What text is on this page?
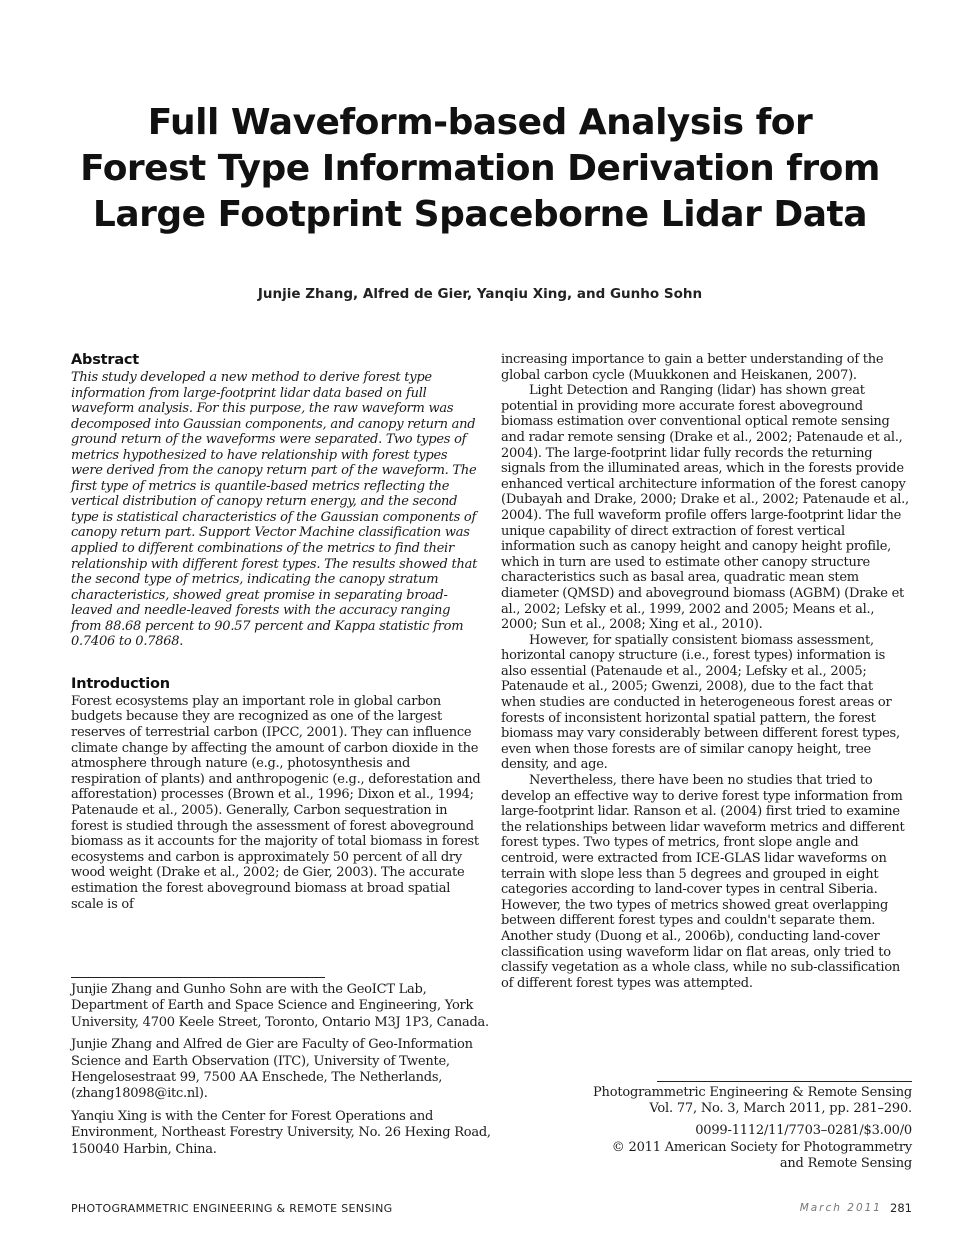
Full Waveform-based Analysis for
Forest Type Information Derivation from
Large Footprint Spaceborne Lidar Data
Junjie Zhang, Alfred de Gier, Yanqiu Xing, and Gunho Sohn
Abstract

This study developed a new method to derive forest type information from large-footprint lidar data based on full waveform analysis. For this purpose, the raw waveform was decomposed into Gaussian components, and canopy return and ground return of the waveforms were separated. Two types of metrics hypothesized to have relationship with forest types were derived from the canopy return part of the waveform. The first type of metrics is quantile-based metrics reflecting the vertical distribution of canopy return energy, and the second type is statistical characteristics of the Gaussian components of canopy return part. Support Vector Machine classification was applied to different combinations of the metrics to find their relationship with different forest types. The results showed that the second type of metrics, indicating the canopy stratum characteristics, showed great promise in separating broad-leaved and needle-leaved forests with the accuracy ranging from 88.68 percent to 90.57 percent and Kappa statistic from 0.7406 to 0.7868.

Introduction

Forest ecosystems play an important role in global carbon budgets because they are recognized as one of the largest reserves of terrestrial carbon (IPCC, 2001). They can influence climate change by affecting the amount of carbon dioxide in the atmosphere through nature (e.g., photosynthesis and respiration of plants) and anthropogenic (e.g., deforestation and afforestation) processes (Brown et al., 1996; Dixon et al., 1994; Patenaude et al., 2005). Generally, Carbon sequestration in forest is studied through the assessment of forest aboveground biomass as it accounts for the majority of total biomass in forest ecosystems and carbon is approximately 50 percent of all dry wood weight (Drake et al., 2002; de Gier, 2003). The accurate estimation the forest aboveground biomass at broad spatial scale is of

increasing importance to gain a better understanding of the global carbon cycle (Muukkonen and Heiskanen, 2007).

Light Detection and Ranging (lidar) has shown great potential in providing more accurate forest aboveground biomass estimation over conventional optical remote sensing and radar remote sensing (Drake et al., 2002; Patenaude et al., 2004). The large-footprint lidar fully records the returning signals from the illuminated areas, which in the forests provide enhanced vertical architecture information of the forest canopy (Dubayah and Drake, 2000; Drake et al., 2002; Patenaude et al., 2004). The full waveform profile offers large-footprint lidar the unique capability of direct extraction of forest vertical information such as canopy height and canopy height profile, which in turn are used to estimate other canopy structure characteristics such as basal area, quadratic mean stem diameter (QMSD) and aboveground biomass (AGBM) (Drake et al., 2002; Lefsky et al., 1999, 2002 and 2005; Means et al., 2000; Sun et al., 2008; Xing et al., 2010).

However, for spatially consistent biomass assessment, horizontal canopy structure (i.e., forest types) information is also essential (Patenaude et al., 2004; Lefsky et al., 2005; Patenaude et al., 2005; Gwenzi, 2008), due to the fact that when studies are conducted in heterogeneous forest areas or forests of inconsistent horizontal spatial pattern, the forest biomass may vary considerably between different forest types, even when those forests are of similar canopy height, tree density, and age.

Nevertheless, there have been no studies that tried to develop an effective way to derive forest type information from large-footprint lidar. Ranson et al. (2004) first tried to examine the relationships between lidar waveform metrics and different forest types. Two types of metrics, front slope angle and centroid, were extracted from ICE-GLAS lidar waveforms on terrain with slope less than 5 degrees and grouped in eight categories according to land-cover types in central Siberia. However, the two types of metrics showed great overlapping between different forest types and couldn't separate them. Another study (Duong et al., 2006b), conducting land-cover classification using waveform lidar on flat areas, only tried to classify vegetation as a whole class, while no sub-classification of different forest types was attempted.

Junjie Zhang and Gunho Sohn are with the GeoICT Lab, Department of Earth and Space Science and Engineering, York University, 4700 Keele Street, Toronto, Ontario M3J 1P3, Canada.

Junjie Zhang and Alfred de Gier are Faculty of Geo-Information Science and Earth Observation (ITC), University of Twente, Hengelosestraat 99, 7500 AA Enschede, The Netherlands, (zhang18098@itc.nl).

Yanqiu Xing is with the Center for Forest Operations and Environment, Northeast Forestry University, No. 26 Hexing Road, 150040 Harbin, China.

Photogrammetric Engineering & Remote Sensing
Vol. 77, No. 3, March 2011, pp. 281–290.

0099-1112/11/7703–0281/$3.00/0
© 2011 American Society for Photogrammetry
and Remote Sensing

PHOTOGRAMMETRIC ENGINEERING & REMOTE SENSING	March 2011 281
